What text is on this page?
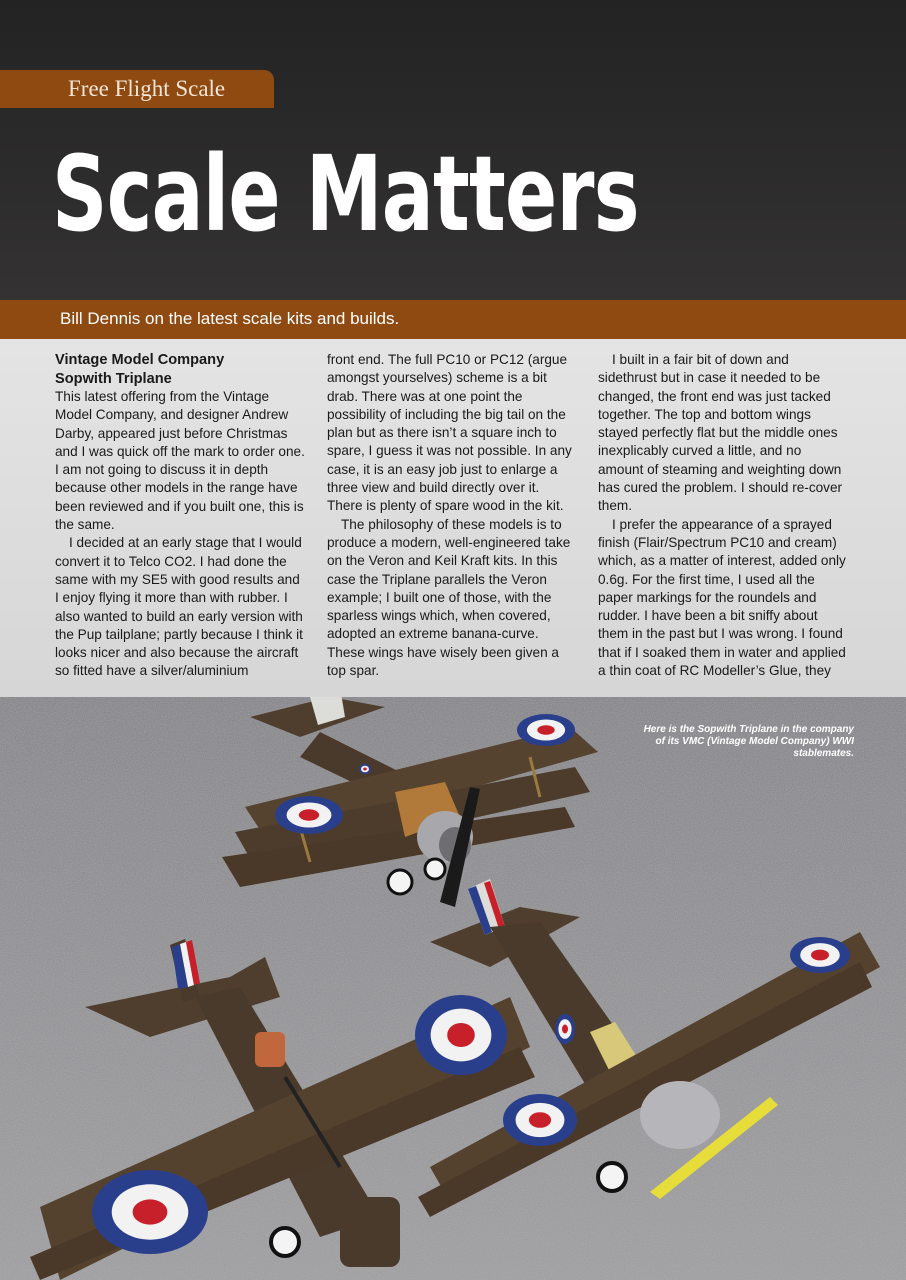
Free Flight Scale
Scale Matters
Bill Dennis on the latest scale kits and builds.

Vintage Model Company

Sopwith Triplane

This latest offering from the Vintage Model Company, and designer Andrew Darby, appeared just before Christmas and I was quick off the mark to order one. I am not going to discuss it in depth because other models in the range have been reviewed and if you built one, this is the same.

I decided at an early stage that I would convert it to Telco CO2. I had done the same with my SE5 with good results and I enjoy flying it more than with rubber. I also wanted to build an early version with the Pup tailplane; partly because I think it looks nicer and also because the aircraft so fitted have a silver/aluminium

front end. The full PC10 or PC12 (argue amongst yourselves) scheme is a bit drab. There was at one point the possibility of including the big tail on the plan but as there isn’t a square inch to spare, I guess it was not possible. In any case, it is an easy job just to enlarge a three view and build directly over it. There is plenty of spare wood in the kit.

The philosophy of these models is to produce a modern, well-engineered take on the Veron and Keil Kraft kits. In this case the Triplane parallels the Veron example; I built one of those, with the sparless wings which, when covered, adopted an extreme banana-curve. These wings have wisely been given a top spar.

I built in a fair bit of down and sidethrust but in case it needed to be changed, the front end was just tacked together. The top and bottom wings stayed perfectly flat but the middle ones inexplicably curved a little, and no amount of steaming and weighting down has cured the problem. I should re-cover them.

I prefer the appearance of a sprayed finish (Flair/Spectrum PC10 and cream) which, as a matter of interest, added only 0.6g. For the first time, I used all the paper markings for the roundels and rudder. I have been a bit sniffy about them in the past but I was wrong. I found that if I soaked them in water and applied a thin coat of RC Modeller’s Glue, they

Here is the Sopwith Triplane in the company of its VMC (Vintage Model Company) WWI stablemates.
